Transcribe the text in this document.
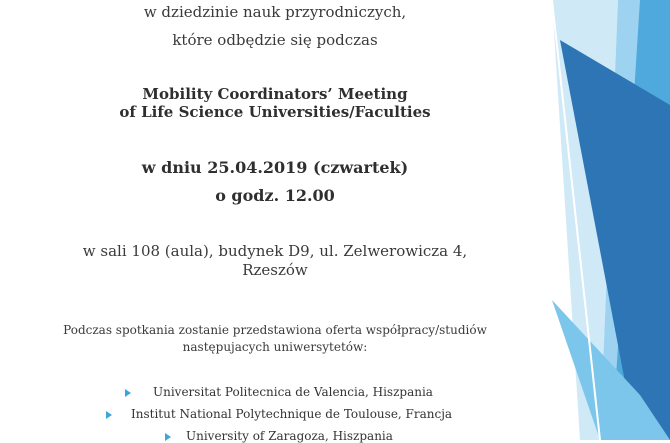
w dziedzinie nauk przyrodniczych,
które odbędzie się podczas
Mobility Coordinators’ Meeting
of Life Science Universities/Faculties
w dniu 25.04.2019 (czwartek)
o godz. 12.00
w sali 108 (aula), budynek D9, ul. Zelwerowicza 4,
Rzeszów
Podczas spotkania zostanie przedstawiona oferta współpracy/studiów
następujacych uniwersytetów:
Universitat Politecnica de Valencia, Hiszpania
Institut National Polytechnique de Toulouse, Francja
University of Zaragoza, Hiszpania
